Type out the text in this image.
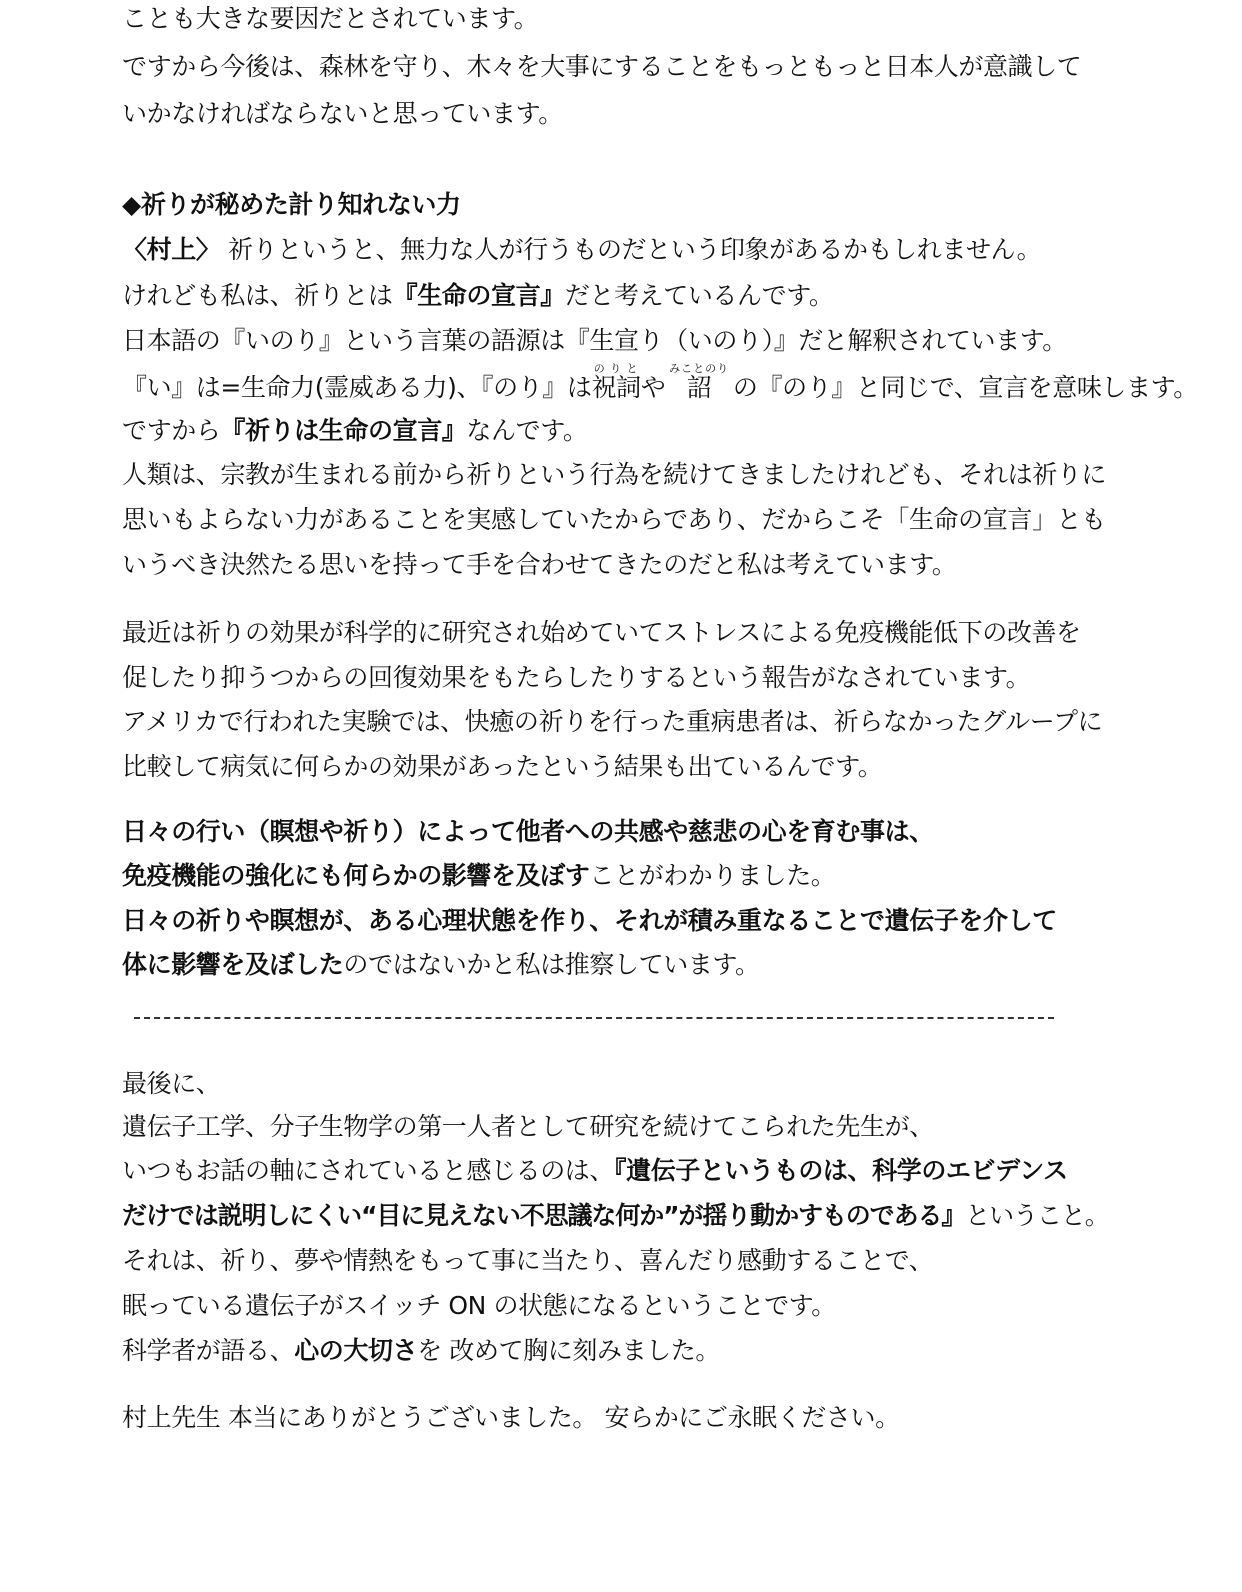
ことも大きな要因だとされています。
ですから今後は、森林を守り、木々を大事にすることをもっともっと日本人が意識して
いかなければならないと思っています。
◆祈りが秘めた計り知れない力
〈村上〉 祈りというと、無力な人が行うものだという印象があるかもしれません。
けれども私は、祈りとは『生命の宣言』だと考えているんです。
日本語の『いのり』という言葉の語源は『生宣り（いのり）』だと解釈されています。
『い』は=生命力(霊威ある力)、『のり』は祝詞のりとや 詔みことのり の『のり』と同じで、宣言を意味します。
ですから『祈りは生命の宣言』なんです。
人類は、宗教が生まれる前から祈りという行為を続けてきましたけれども、それは祈りに
思いもよらない力があることを実感していたからであり、だからこそ「生命の宣言」とも
いうべき決然たる思いを持って手を合わせてきたのだと私は考えています。
最近は祈りの効果が科学的に研究され始めていてストレスによる免疫機能低下の改善を
促したり抑うつからの回復効果をもたらしたりするという報告がなされています。
アメリカで行われた実験では、快癒の祈りを行った重病患者は、祈らなかったグループに
比較して病気に何らかの効果があったという結果も出ているんです。
日々の行い（瞑想や祈り）によって他者への共感や慈悲の心を育む事は、
免疫機能の強化にも何らかの影響を及ぼすことがわかりました。
日々の祈りや瞑想が、ある心理状態を作り、それが積み重なることで遺伝子を介して
体に影響を及ぼしたのではないかと私は推察しています。
最後に、
遺伝子工学、分子生物学の第一人者として研究を続けてこられた先生が、
いつもお話の軸にされていると感じるのは、『遺伝子というものは、科学のエビデンス
だけでは説明しにくい“目に見えない不思議な何か”が揺り動かすものである』ということ。
それは、祈り、夢や情熱をもって事に当たり、喜んだり感動することで、
眠っている遺伝子がスイッチ ON の状態になるということです。
科学者が語る、心の大切さを 改めて胸に刻みました。
村上先生 本当にありがとうございました。 安らかにご永眠ください。
